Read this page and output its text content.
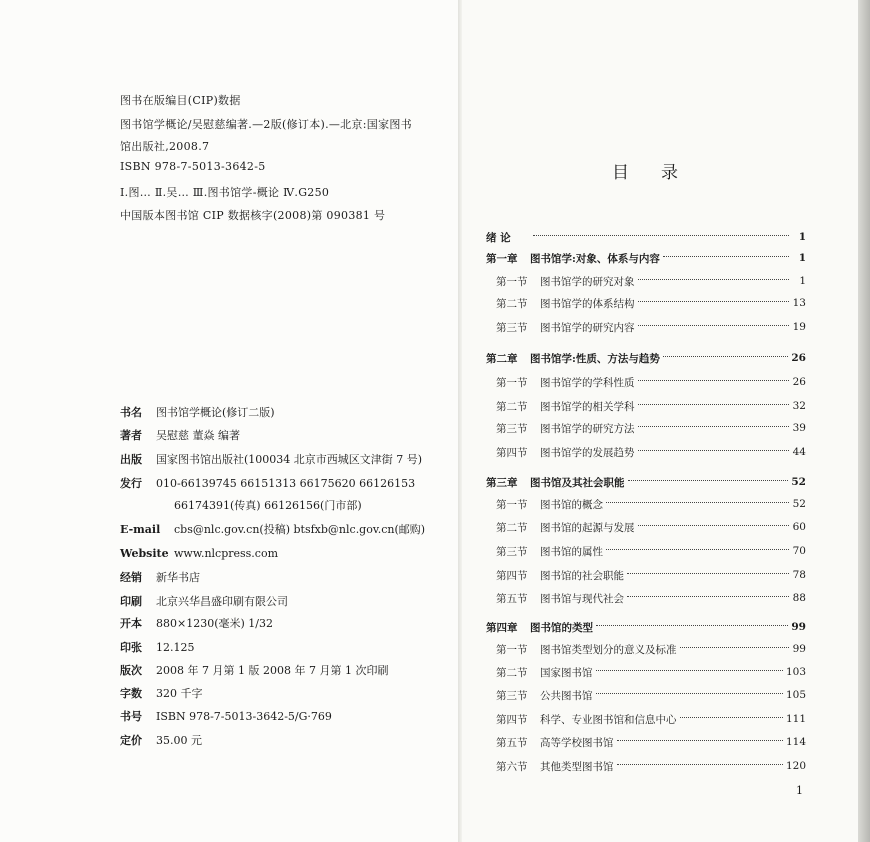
图书在版编目(CIP)数据
图书馆学概论/吴慰慈编著.—2版(修订本).—北京:国家图书
馆出版社,2008.7
ISBN 978-7-5013-3642-5
Ⅰ.图… Ⅱ.吴… Ⅲ.图书馆学-概论 Ⅳ.G250
中国版本图书馆 CIP 数据核字(2008)第 090381 号
书名 图书馆学概论(修订二版)
著者 吴慰慈 董焱 编著
出版 国家图书馆出版社(100034 北京市西城区文津街 7 号)
发行 010-66139745 66151313 66175620 66126153
66174391(传真) 66126156(门市部)
E-mail cbs@nlc.gov.cn(投稿) btsfxb@nlc.gov.cn(邮购)
Website www.nlcpress.com
经销 新华书店
印刷 北京兴华昌盛印刷有限公司
开本 880×1230(毫米) 1/32
印张 12.125
版次 2008 年 7 月第 1 版 2008 年 7 月第 1 次印刷
字数 320 千字
书号 ISBN 978-7-5013-3642-5/G·769
定价 35.00 元
目录
绪 论	1
第一章	图书馆学:对象、体系与内容	1
第一节	图书馆学的研究对象	1
第二节	图书馆学的体系结构	13
第三节	图书馆学的研究内容	19
第二章	图书馆学:性质、方法与趋势	26
第一节	图书馆学的学科性质	26
第二节	图书馆学的相关学科	32
第三节	图书馆学的研究方法	39
第四节	图书馆学的发展趋势	44
第三章	图书馆及其社会职能	52
第一节	图书馆的概念	52
第二节	图书馆的起源与发展	60
第三节	图书馆的属性	70
第四节	图书馆的社会职能	78
第五节	图书馆与现代社会	88
第四章	图书馆的类型	99
第一节	图书馆类型划分的意义及标准	99
第二节	国家图书馆	103
第三节	公共图书馆	105
第四节	科学、专业图书馆和信息中心	111
第五节	高等学校图书馆	114
第六节	其他类型图书馆	120
1
